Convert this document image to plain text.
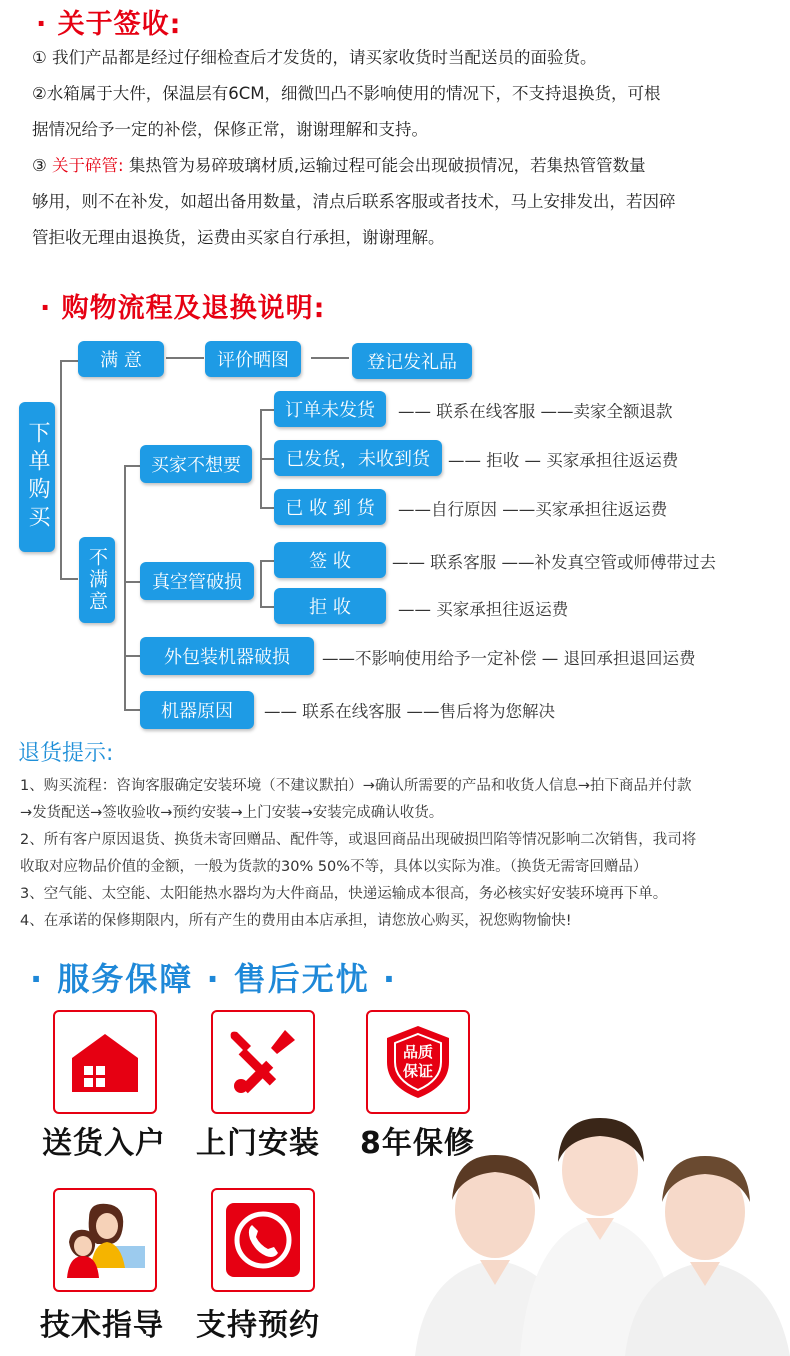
· 关于签收:
① 我们产品都是经过仔细检查后才发货的，请买家收货时当配送员的面验货。
②水箱属于大件，保温层有6CM，细微凹凸不影响使用的情况下，不支持退换货，可根
据情况给予一定的补偿，保修正常，谢谢理解和支持。
③ 关于碎管: 集热管为易碎玻璃材质,运输过程可能会出现破损情况，若集热管管数量
够用，则不在补发，如超出备用数量，清点后联系客服或者技术，马上安排发出，若因碎
管拒收无理由退换货，运费由买家自行承担，谢谢理解。
· 购物流程及退换说明:
下单购买
满 意	评价晒图	登记发礼品
不满意
买家不想要
订单未发货
已发货，未收到货
已 收 到 货
真空管破损
签 收
拒 收
外包装机器破损
机器原因
—— 联系在线客服 ——卖家全额退款
—— 拒收 — 买家承担往返运费
——自行原因 ——买家承担往返运费
—— 联系客服 ——补发真空管或师傅带过去
—— 买家承担往返运费
——不影响使用给予一定补偿 — 退回承担退回运费
—— 联系在线客服 ——售后将为您解决
退货提示:
1、购买流程：咨询客服确定安装环境（不建议默拍）→确认所需要的产品和收货人信息→拍下商品并付款
→发货配送→签收验收→预约安装→上门安装→安装完成确认收货。
2、所有客户原因退货、换货未寄回赠品、配件等，或退回商品出现破损凹陷等情况影响二次销售，我司将
收取对应物品价值的金额，一般为货款的30% 50%不等，具体以实际为准。（换货无需寄回赠品）
3、空气能、太空能、太阳能热水器均为大件商品，快递运输成本很高，务必核实好安装环境再下单。
4、在承诺的保修期限内，所有产生的费用由本店承担，请您放心购买，祝您购物愉快!
· 服务保障 · 售后无忧 ·
送货入户 上门安装
品质
保证
8年保修
技术指导 支持预约
